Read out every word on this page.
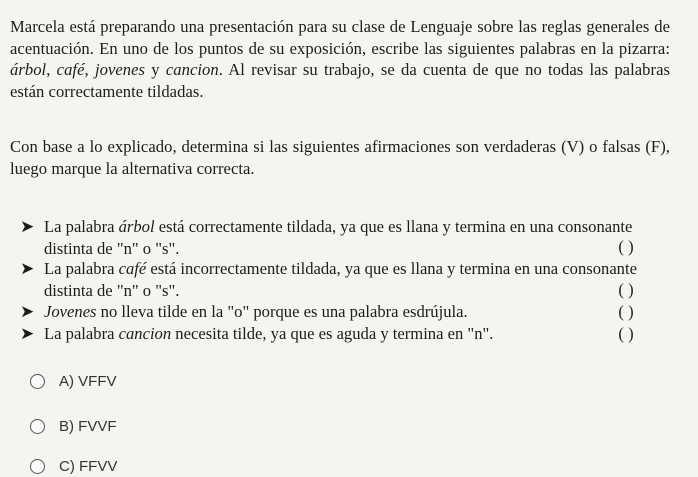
Marcela está preparando una presentación para su clase de Lenguaje sobre las reglas generales de acentuación. En uno de los puntos de su exposición, escribe las siguientes palabras en la pizarra: árbol, café, jovenes y cancion. Al revisar su trabajo, se da cuenta de que no todas las palabras están correctamente tildadas.
Con base a lo explicado, determina si las siguientes afirmaciones son verdaderas (V) o falsas (F), luego marque la alternativa correcta.
➤ La palabra árbol está correctamente tildada, ya que es llana y termina en una consonante distinta de "n" o "s".	( )
➤ La palabra café está incorrectamente tildada, ya que es llana y termina en una consonante distinta de "n" o "s".	( )
➤ Jovenes no lleva tilde en la "o" porque es una palabra esdrújula.	( )
➤ La palabra cancion necesita tilde, ya que es aguda y termina en "n".	( )
A) VFFV
B) FVVF
C) FFVV
